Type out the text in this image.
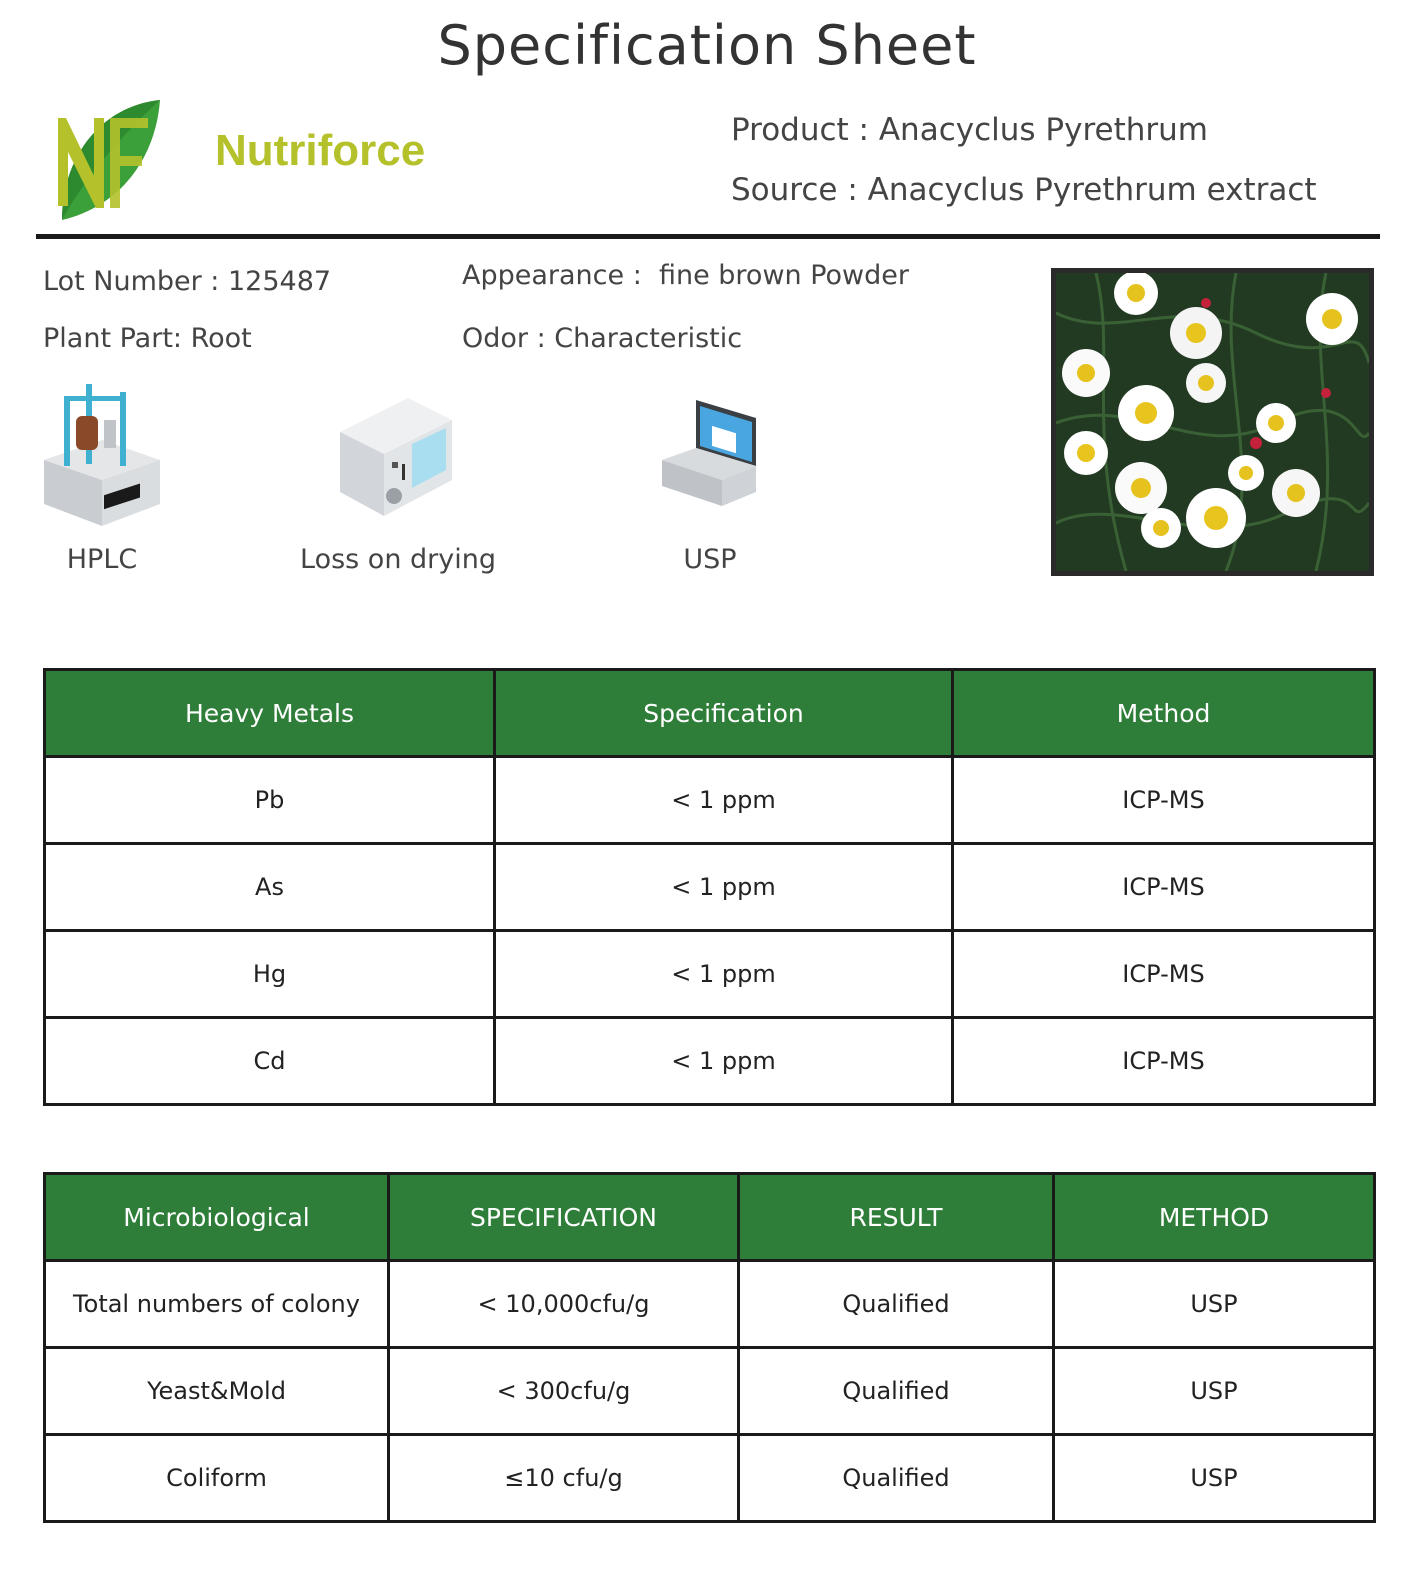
Specification Sheet
Nutriforce	Product : Anacyclus Pyrethrum
Source : Anacyclus Pyrethrum extract
Lot Number : 125487
Plant Part: Root
Appearance :  fine brown Powder
Odor : Characteristic
HPLC	Loss on drying	USP
Heavy Metals	Specification	Method
Pb	< 1 ppm	ICP-MS
As	< 1 ppm	ICP-MS
Hg	< 1 ppm	ICP-MS
Cd	< 1 ppm	ICP-MS
Microbiological	SPECIFICATION	RESULT	METHOD
Total numbers of colony	< 10,000cfu/g	Qualified	USP
Yeast&Mold	< 300cfu/g	Qualified	USP
Coliform	≤10 cfu/g	Qualified	USP
